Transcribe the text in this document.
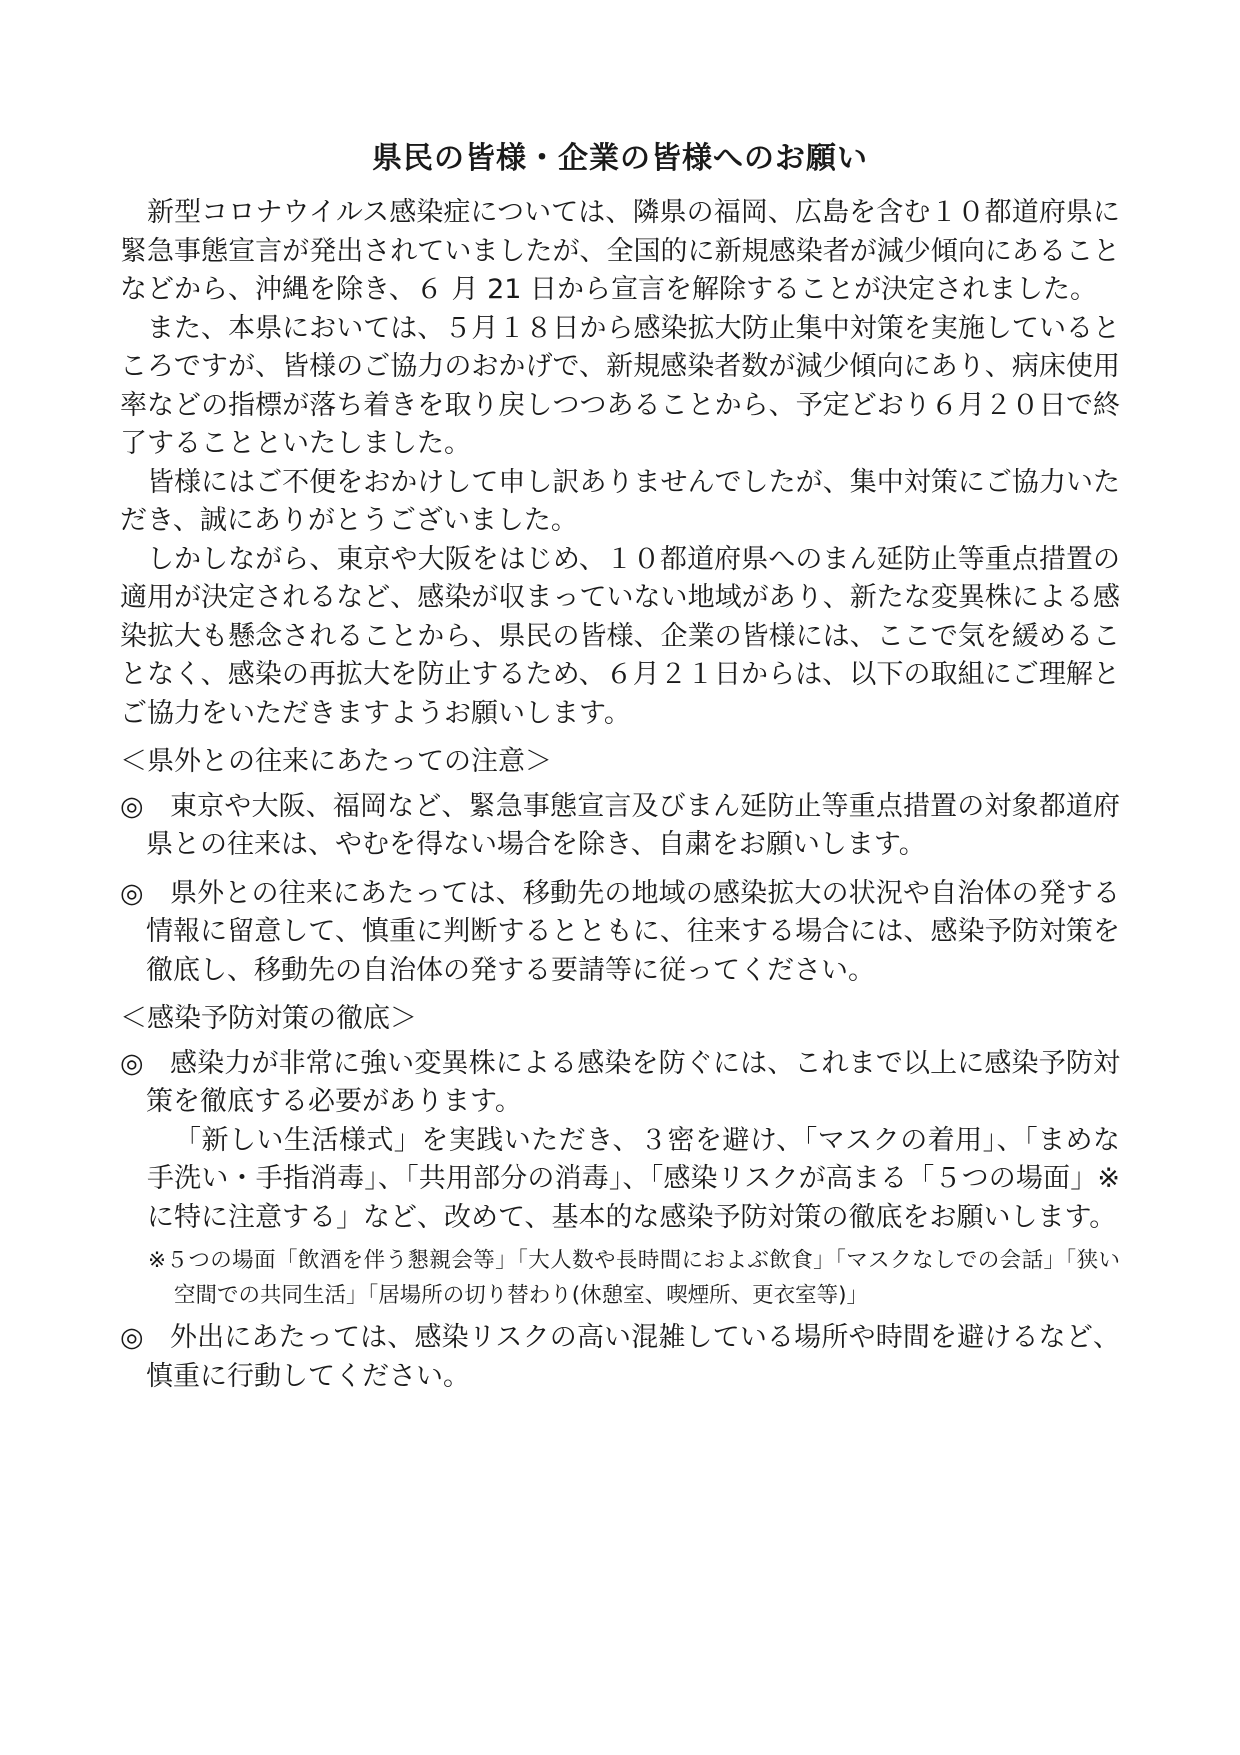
県民の皆様・企業の皆様へのお願い

新型コロナウイルス感染症については、隣県の福岡、広島を含む１０都道府県に緊急事態宣言が発出されていましたが、全国的に新規感染者が減少傾向にあることなどから、沖縄を除き、６ 月 21 日から宣言を解除することが決定されました。

また、本県においては、５月１８日から感染拡大防止集中対策を実施しているところですが、皆様のご協力のおかげで、新規感染者数が減少傾向にあり、病床使用率などの指標が落ち着きを取り戻しつつあることから、予定どおり６月２０日で終了することといたしました。

皆様にはご不便をおかけして申し訳ありませんでしたが、集中対策にご協力いただき、誠にありがとうございました。

しかしながら、東京や大阪をはじめ、１０都道府県へのまん延防止等重点措置の適用が決定されるなど、感染が収まっていない地域があり、新たな変異株による感染拡大も懸念されることから、県民の皆様、企業の皆様には、ここで気を緩めることなく、感染の再拡大を防止するため、６月２１日からは、以下の取組にご理解とご協力をいただきますようお願いします。

＜県外との往来にあたっての注意＞
◎ 東京や大阪、福岡など、緊急事態宣言及びまん延防止等重点措置の対象都道府県との往来は、やむを得ない場合を除き、自粛をお願いします。
◎ 県外との往来にあたっては、移動先の地域の感染拡大の状況や自治体の発する情報に留意して、慎重に判断するとともに、往来する場合には、感染予防対策を徹底し、移動先の自治体の発する要請等に従ってください。
＜感染予防対策の徹底＞
◎ 感染力が非常に強い変異株による感染を防ぐには、これまで以上に感染予防対策を徹底する必要があります。

「新しい生活様式」を実践いただき、３密を避け、「マスクの着用」、「まめな手洗い・手指消毒」、「共用部分の消毒」、「感染リスクが高まる「５つの場面」※に特に注意する」など、改めて、基本的な感染予防対策の徹底をお願いします。

※５つの場面「飲酒を伴う懇親会等」「大人数や長時間におよぶ飲食」「マスクなしでの会話」「狭い空間での共同生活」「居場所の切り替わり(休憩室、喫煙所、更衣室等)」

◎ 外出にあたっては、感染リスクの高い混雑している場所や時間を避けるなど、慎重に行動してください。
